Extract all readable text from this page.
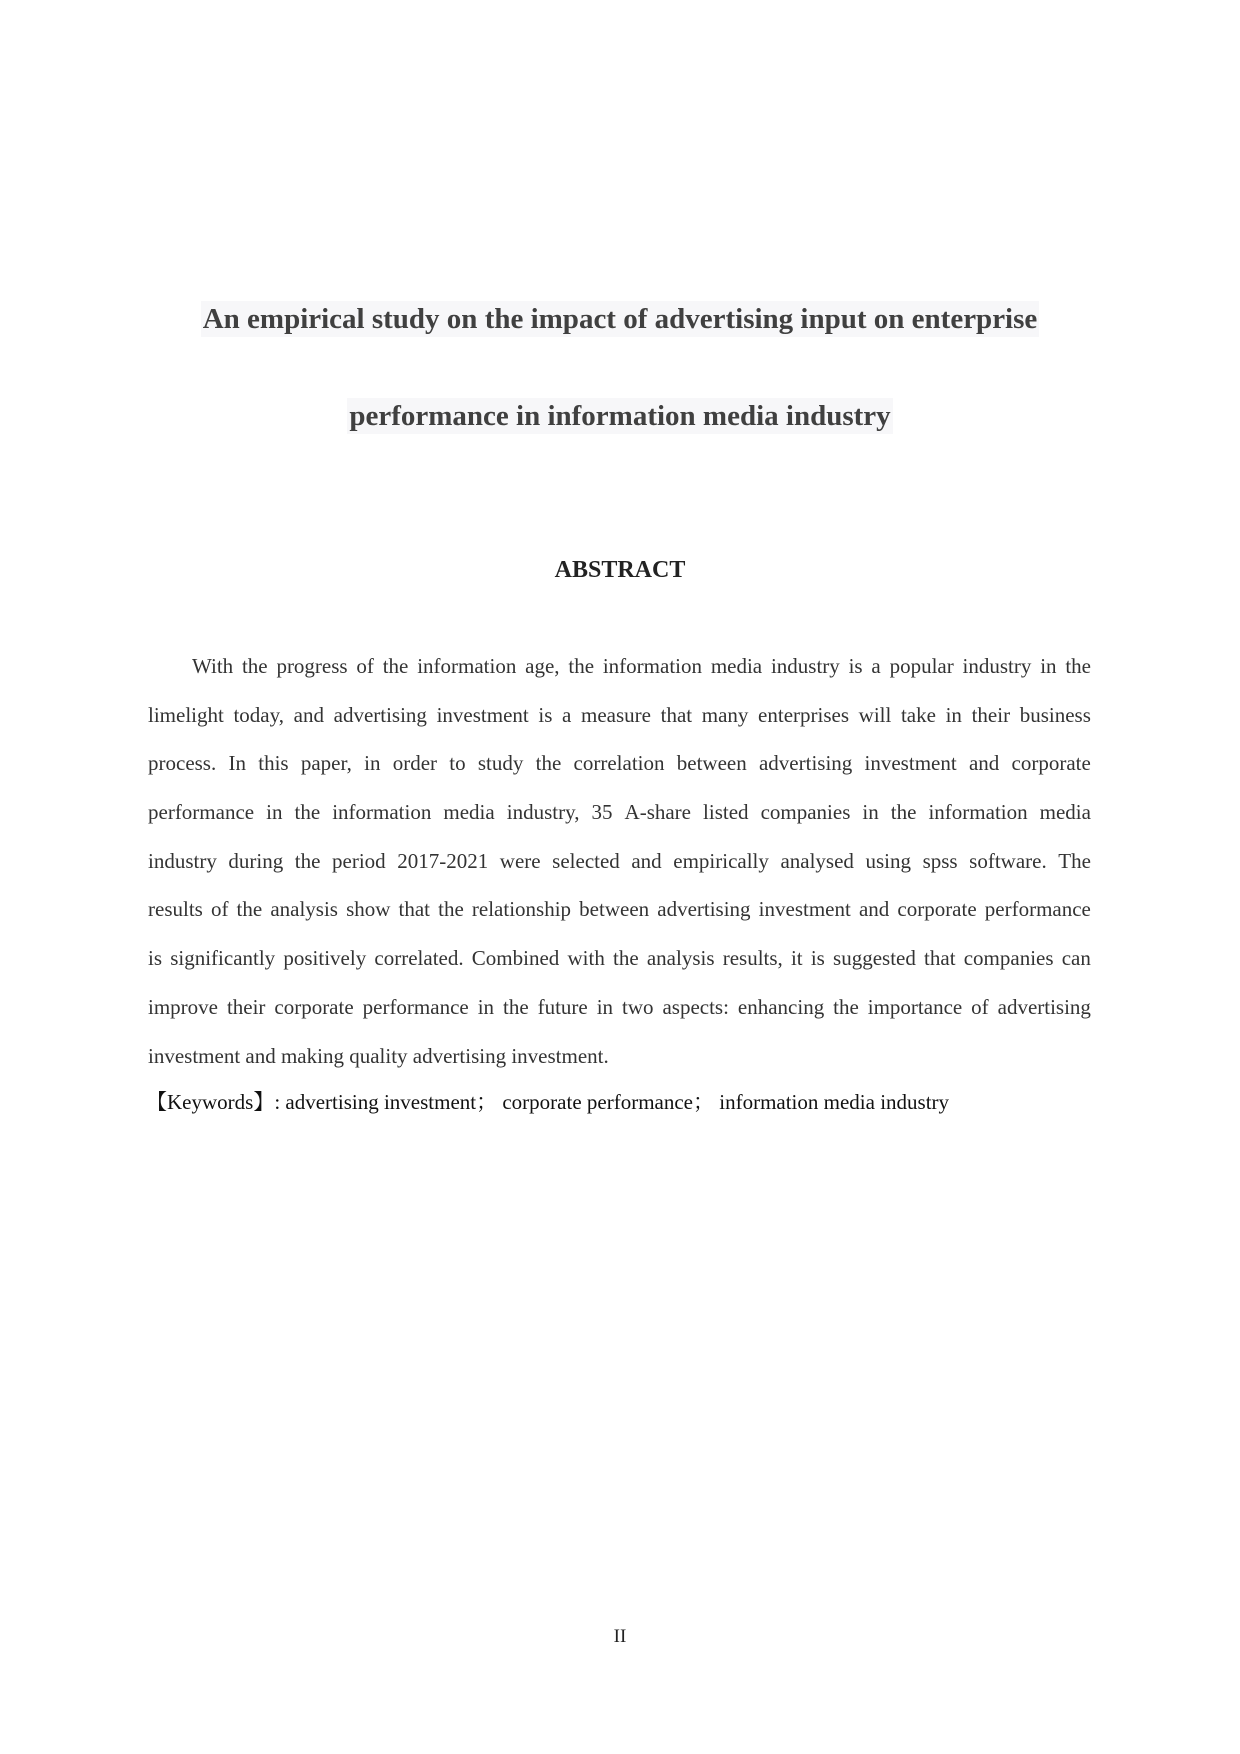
An empirical study on the impact of advertising input on enterprise
performance in information media industry
ABSTRACT
With the progress of the information age, the information media industry is a popular industry in the
limelight today, and advertising investment is a measure that many enterprises will take in their business
process. In this paper, in order to study the correlation between advertising investment and corporate
performance in the information media industry, 35 A-share listed companies in the information media
industry during the period 2017-2021 were selected and empirically analysed using spss software. The
results of the analysis show that the relationship between advertising investment and corporate performance
is significantly positively correlated. Combined with the analysis results, it is suggested that companies can
improve their corporate performance in the future in two aspects: enhancing the importance of advertising
investment and making quality advertising investment.
【Keywords】: advertising investment； corporate performance； information media industry
II
